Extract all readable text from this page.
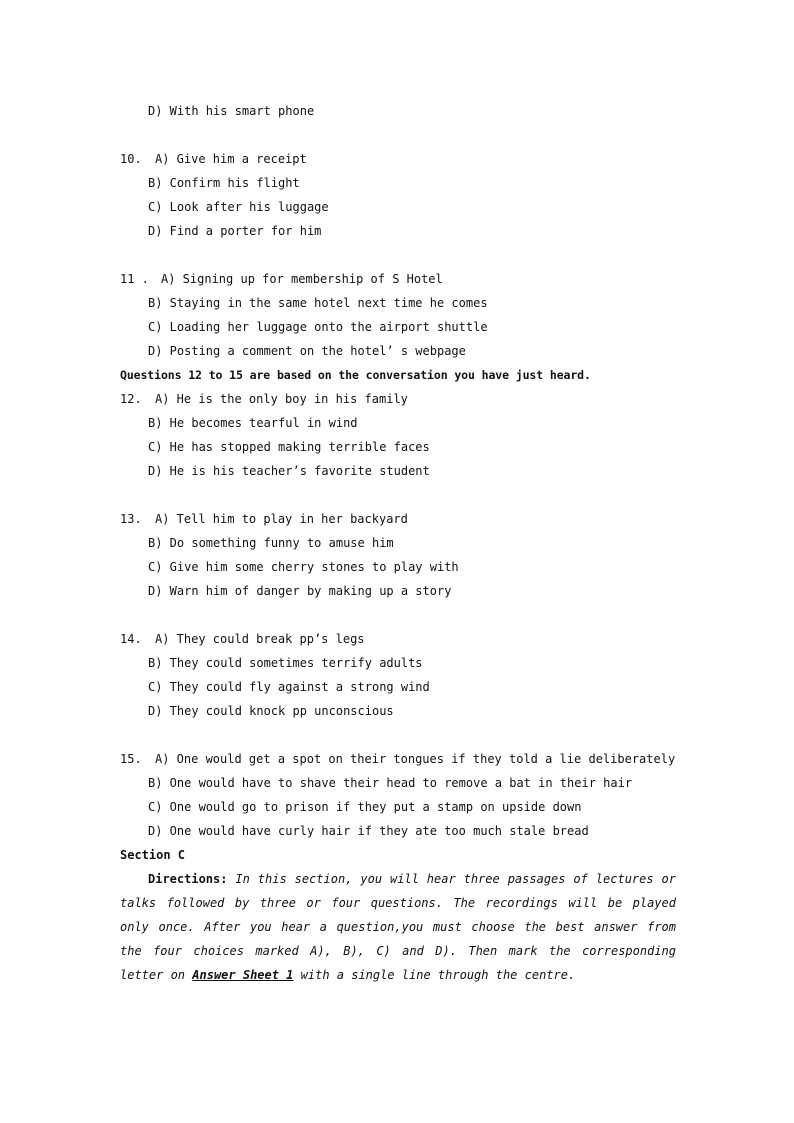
D) With his smart phone
10. A) Give him a receipt
B) Confirm his flight
C) Look after his luggage
D) Find a porter for him
11 . A) Signing up for membership of S Hotel
B) Staying in the same hotel next time he comes
C) Loading her luggage onto the airport shuttle
D) Posting a comment on the hotel’ s webpage
Questions 12 to 15 are based on the conversation you have just heard.
12. A) He is the only boy in his family
B) He becomes tearful in wind
C) He has stopped making terrible faces
D) He is his teacher’s favorite student
13. A) Tell him to play in her backyard
B) Do something funny to amuse him
C) Give him some cherry stones to play with
D) Warn him of danger by making up a story
14. A) They could break pp’s legs
B) They could sometimes terrify adults
C) They could fly against a strong wind
D) They could knock pp unconscious
15. A) One would get a spot on their tongues if they told a lie deliberately
B) One would have to shave their head to remove a bat in their hair
C) One would go to prison if they put a stamp on upside down
D) One would have curly hair if they ate too much stale bread
Section C

Directions: In this section, you will hear three passages of lectures or talks followed by three or four questions. The recordings will be played only once. After you hear a question,you must choose the best answer from the four choices marked A), B), C) and D). Then mark the corresponding letter on Answer Sheet 1 with a single line through the centre.
